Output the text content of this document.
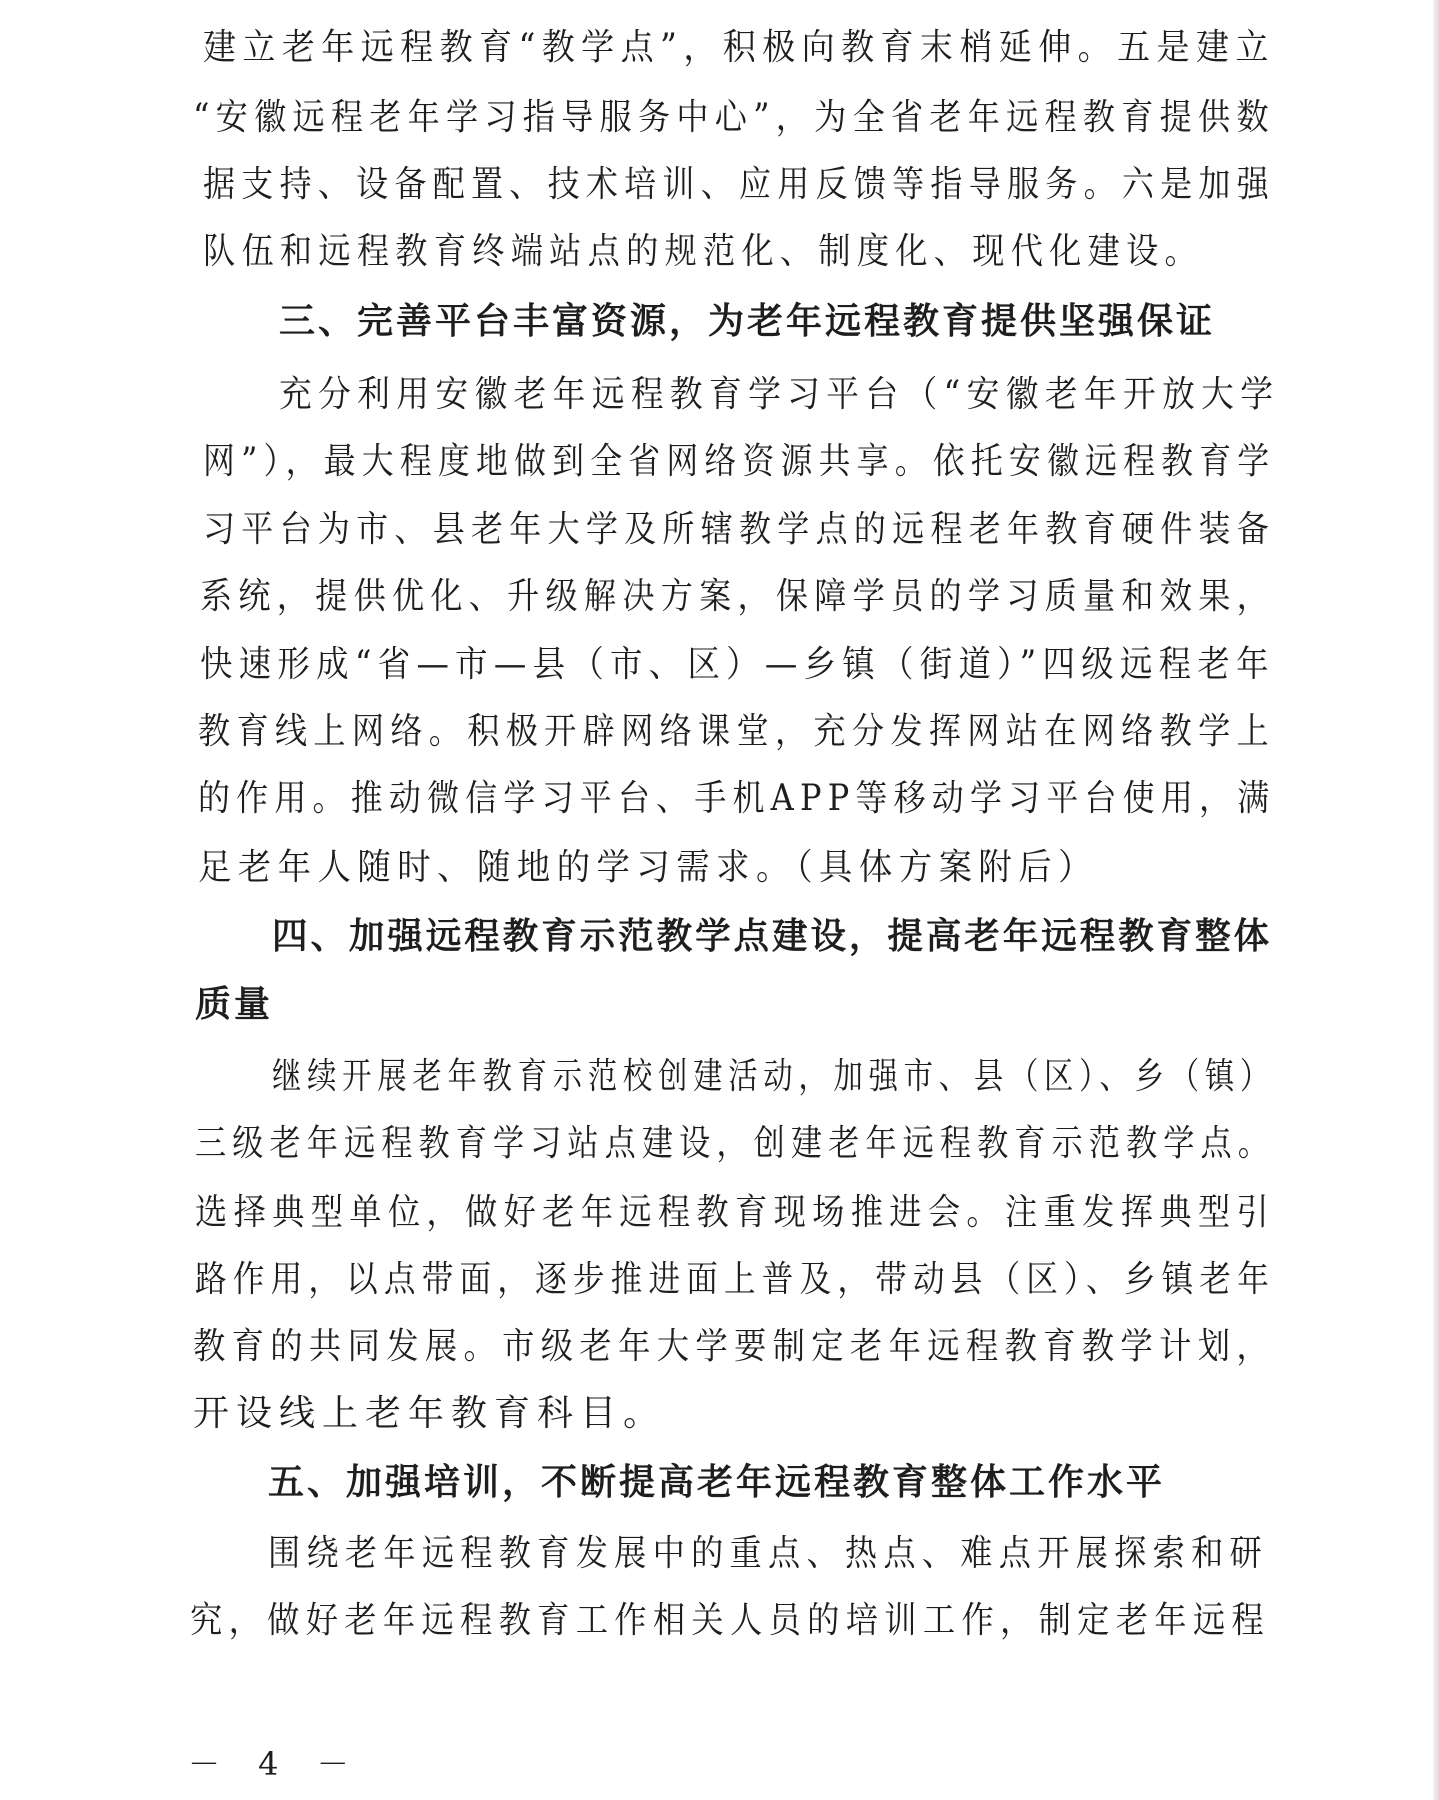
建立老年远程教育“教学点”，积极向教育末梢延伸。五是建立
“安徽远程老年学习指导服务中心”，为全省老年远程教育提供数
据支持、设备配置、技术培训、应用反馈等指导服务。六是加强
队伍和远程教育终端站点的规范化、制度化、现代化建设。
三、完善平台丰富资源，为老年远程教育提供坚强保证
充分利用安徽老年远程教育学习平台（“安徽老年开放大学
网”），最大程度地做到全省网络资源共享。依托安徽远程教育学
习平台为市、县老年大学及所辖教学点的远程老年教育硬件装备
系统，提供优化、升级解决方案，保障学员的学习质量和效果，
快速形成“省—市—县（市、区）—乡镇（街道）”四级远程老年
教育线上网络。积极开辟网络课堂，充分发挥网站在网络教学上
的作用。推动微信学习平台、手机APP等移动学习平台使用，满
足老年人随时、随地的学习需求。（具体方案附后）
四、加强远程教育示范教学点建设，提高老年远程教育整体
质量
继续开展老年教育示范校创建活动，加强市、县（区）、乡（镇）
三级老年远程教育学习站点建设，创建老年远程教育示范教学点。
选择典型单位，做好老年远程教育现场推进会。注重发挥典型引
路作用，以点带面，逐步推进面上普及，带动县（区）、乡镇老年
教育的共同发展。市级老年大学要制定老年远程教育教学计划，
开设线上老年教育科目。
五、加强培训，不断提高老年远程教育整体工作水平
围绕老年远程教育发展中的重点、热点、难点开展探索和研
究，做好老年远程教育工作相关人员的培训工作，制定老年远程
－ 4 －
